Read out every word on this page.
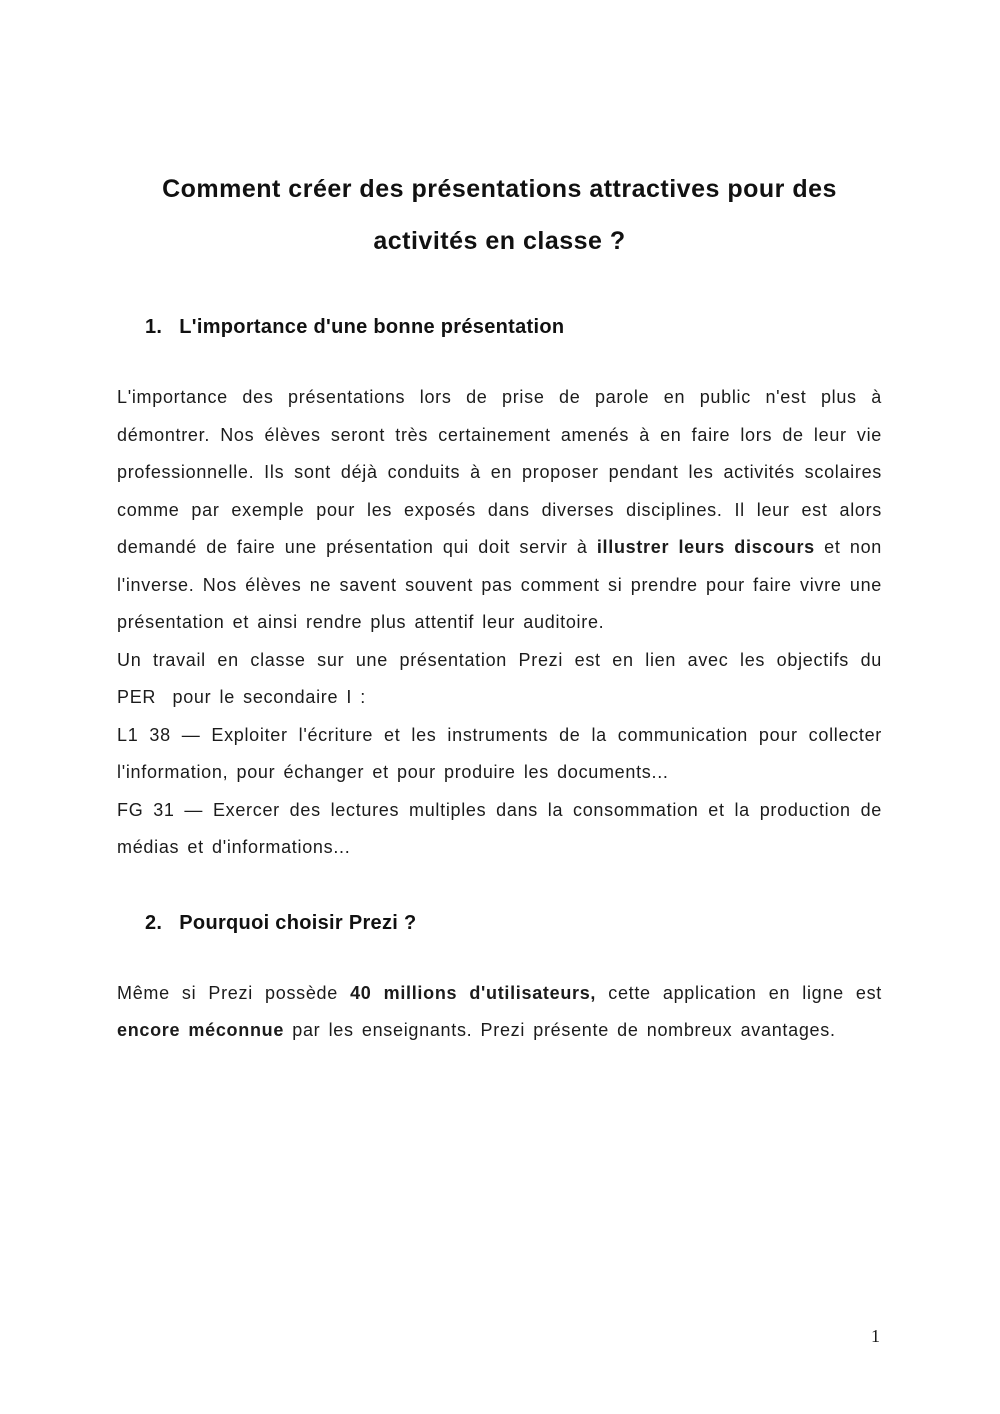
Comment créer des présentations attractives pour des activités en classe ?
1. L'importance d'une bonne présentation

L'importance des présentations lors de prise de parole en public n'est plus à démontrer. Nos élèves seront très certainement amenés à en faire lors de leur vie professionnelle. Ils sont déjà conduits à en proposer pendant les activités scolaires comme par exemple pour les exposés dans diverses disciplines. Il leur est alors demandé de faire une présentation qui doit servir à illustrer leurs discours et non l'inverse. Nos élèves ne savent souvent pas comment si prendre pour faire vivre une présentation et ainsi rendre plus attentif leur auditoire.

Un travail en classe sur une présentation Prezi est en lien avec les objectifs du PER  pour le secondaire I :

L1 38 — Exploiter l'écriture et les instruments de la communication pour collecter l'information, pour échanger et pour produire les documents...

FG 31 — Exercer des lectures multiples dans la consommation et la production de médias et d'informations...

2. Pourquoi choisir Prezi ?

Même si Prezi possède 40 millions d'utilisateurs, cette application en ligne est encore méconnue par les enseignants. Prezi présente de nombreux avantages.

1
